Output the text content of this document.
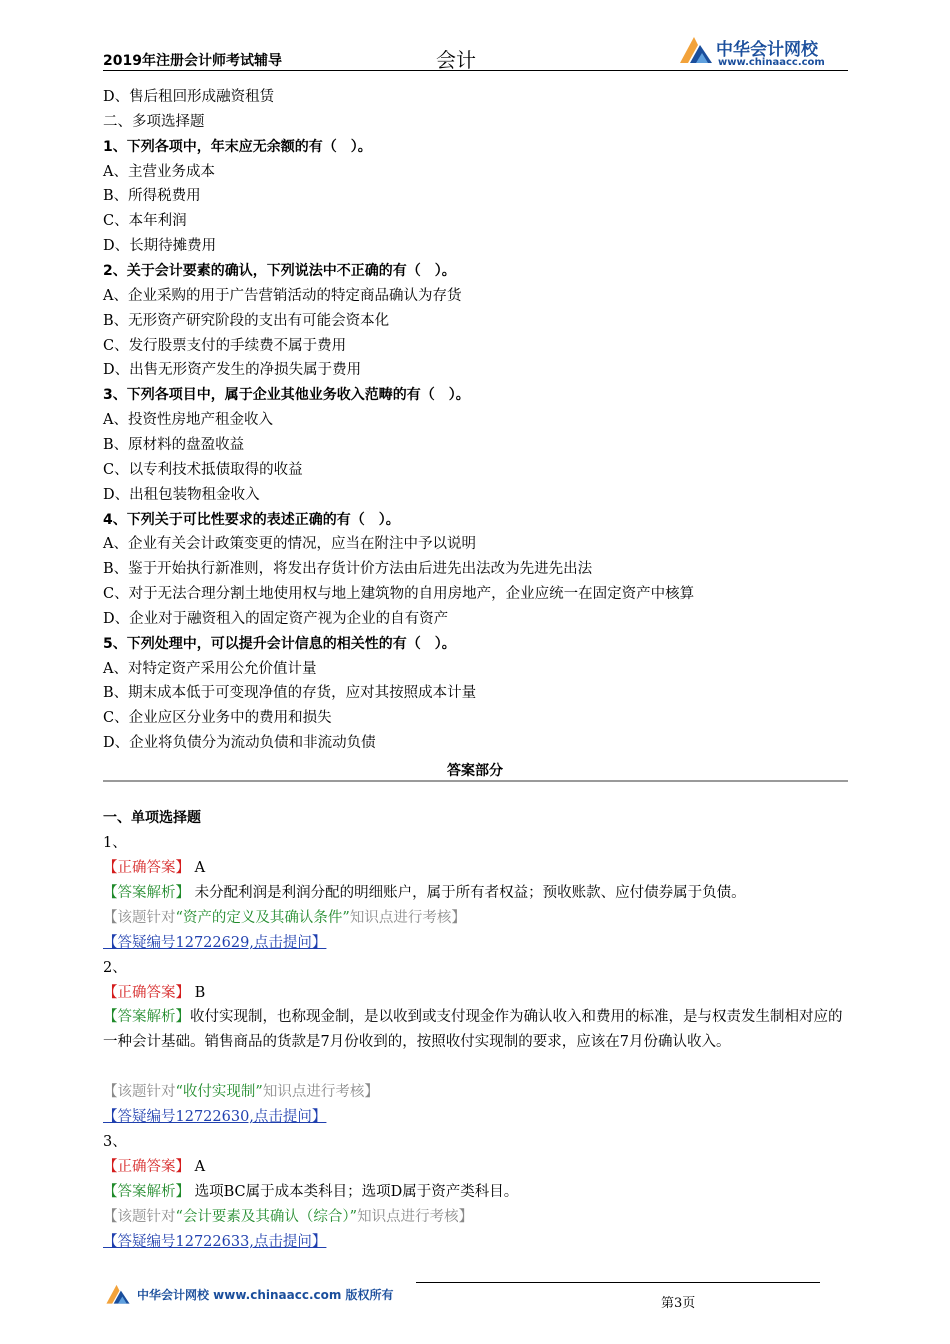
2019年注册会计师考试辅导	会计	中华会计网校
www.chinaacc.com
D、售后租回形成融资租赁
二、多项选择题
1、下列各项中，年末应无余额的有（　）。
A、主营业务成本
B、所得税费用
C、本年利润
D、长期待摊费用
2、关于会计要素的确认，下列说法中不正确的有（　）。
A、企业采购的用于广告营销活动的特定商品确认为存货
B、无形资产研究阶段的支出有可能会资本化
C、发行股票支付的手续费不属于费用
D、出售无形资产发生的净损失属于费用
3、下列各项目中，属于企业其他业务收入范畴的有（　）。
A、投资性房地产租金收入
B、原材料的盘盈收益
C、以专利技术抵债取得的收益
D、出租包装物租金收入
4、下列关于可比性要求的表述正确的有（　）。
A、企业有关会计政策变更的情况，应当在附注中予以说明
B、鉴于开始执行新准则，将发出存货计价方法由后进先出法改为先进先出法
C、对于无法合理分割土地使用权与地上建筑物的自用房地产，企业应统一在固定资产中核算
D、企业对于融资租入的固定资产视为企业的自有资产
5、下列处理中，可以提升会计信息的相关性的有（　）。
A、对特定资产采用公允价值计量
B、期末成本低于可变现净值的存货，应对其按照成本计量
C、企业应区分业务中的费用和损失
D、企业将负债分为流动负债和非流动负债
答案部分
一、单项选择题
1、
【正确答案】 A
【答案解析】 未分配利润是利润分配的明细账户，属于所有者权益；预收账款、应付债券属于负债。
【该题针对“资产的定义及其确认条件”知识点进行考核】
【答疑编号12722629,点击提问】
2、
【正确答案】 B
【答案解析】收付实现制，也称现金制，是以收到或支付现金作为确认收入和费用的标准，是与权责发生制相对应的一种会计基础。销售商品的货款是7月份收到的，按照收付实现制的要求，应该在7月份确认收入。
【该题针对“收付实现制”知识点进行考核】
【答疑编号12722630,点击提问】
3、
【正确答案】 A
【答案解析】 选项BC属于成本类科目；选项D属于资产类科目。
【该题针对“会计要素及其确认（综合）”知识点进行考核】
【答疑编号12722633,点击提问】
中华会计网校 www.chinaacc.com 版权所有
第3页
